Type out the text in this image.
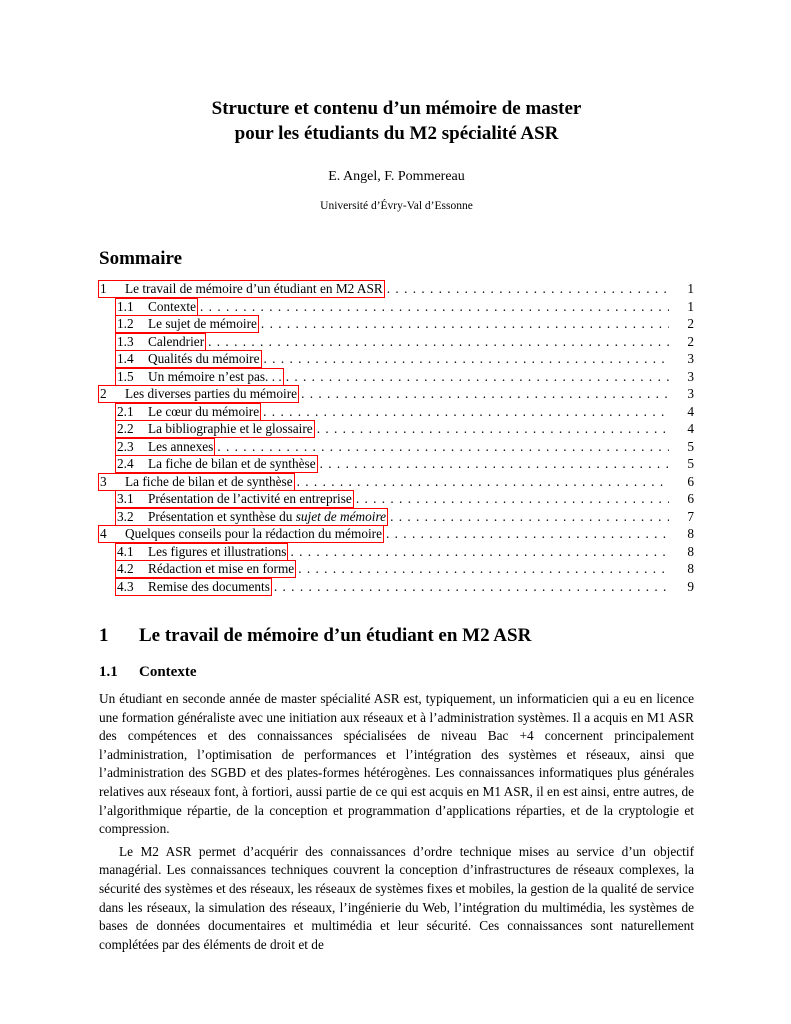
Structure et contenu d’un mémoire de master
pour les étudiants du M2 spécialité ASR
E. Angel, F. Pommereau
Université d’Évry-Val d’Essonne
Sommaire
1 Le travail de mémoire d’un étudiant en M2 ASR . . .	1
1.1 Contexte . . .	1
1.2 Le sujet de mémoire . . .	2
1.3 Calendrier . . .	2
1.4 Qualités du mémoire . . .	3
1.5 Un mémoire n’est pas. . . . . .	3
2 Les diverses parties du mémoire . . .	3
2.1 Le cœur du mémoire . . .	4
2.2 La bibliographie et le glossaire . . .	4
2.3 Les annexes . . .	5
2.4 La fiche de bilan et de synthèse . . .	5
3 La fiche de bilan et de synthèse . . .	6
3.1 Présentation de l’activité en entreprise . . .	6
3.2 Présentation et synthèse du sujet de mémoire . . .	7
4 Quelques conseils pour la rédaction du mémoire . . .	8
4.1 Les figures et illustrations . . .	8
4.2 Rédaction et mise en forme . . .	8
4.3 Remise des documents . . .	9
1 Le travail de mémoire d’un étudiant en M2 ASR
1.1 Contexte

Un étudiant en seconde année de master spécialité ASR est, typiquement, un informaticien qui a eu en licence une formation généraliste avec une initiation aux réseaux et à l’administration systèmes. Il a acquis en M1 ASR des compétences et des connaissances spécialisées de niveau Bac +4 concernent principalement l’administration, l’optimisation de performances et l’intégration des systèmes et réseaux, ainsi que l’administration des SGBD et des plates-formes hétérogènes. Les connaissances informatiques plus générales relatives aux réseaux font, à fortiori, aussi partie de ce qui est acquis en M1 ASR, il en est ainsi, entre autres, de l’algorithmique répartie, de la conception et programmation d’applications réparties, et de la cryptologie et compression.

Le M2 ASR permet d’acquérir des connaissances d’ordre technique mises au service d’un objectif managérial. Les connaissances techniques couvrent la conception d’infrastructures de réseaux complexes, la sécurité des systèmes et des réseaux, les réseaux de systèmes fixes et mobiles, la gestion de la qualité de service dans les réseaux, la simulation des réseaux, l’ingénierie du Web, l’intégration du multimédia, les systèmes de bases de données documentaires et multimédia et leur sécurité. Ces connaissances sont naturellement complétées par des éléments de droit et de
